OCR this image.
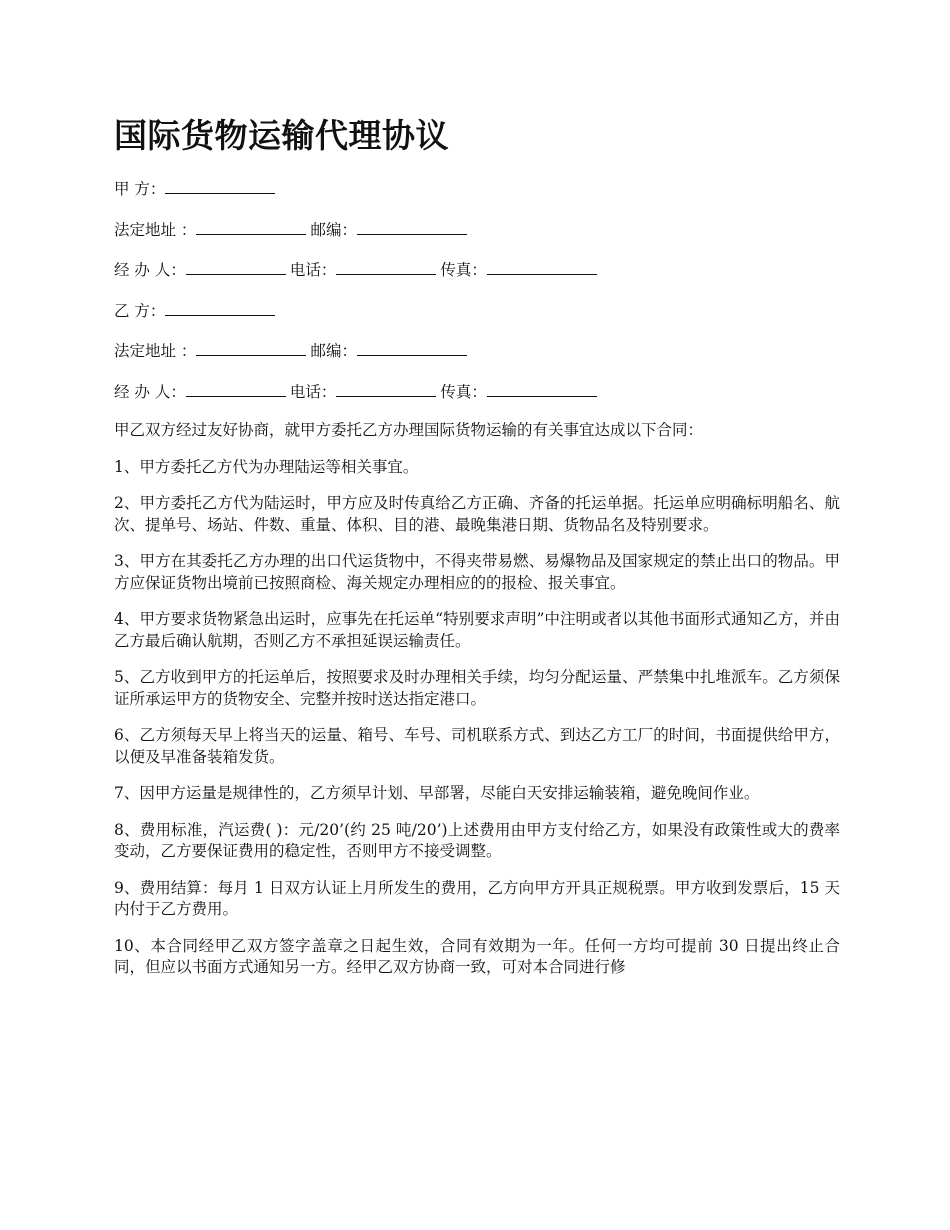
国际货物运输代理协议
甲 方：
法定地址 ：	邮编：
经 办 人：	电话：	传真：
乙 方：
法定地址 ：	邮编：
经 办 人：	电话：	传真：

甲乙双方经过友好协商，就甲方委托乙方办理国际货物运输的有关事宜达成以下合同：

1、甲方委托乙方代为办理陆运等相关事宜。

2、甲方委托乙方代为陆运时，甲方应及时传真给乙方正确、齐备的托运单据。托运单应明确标明船名、航次、提单号、场站、件数、重量、体积、目的港、最晚集港日期、货物品名及特别要求。

3、甲方在其委托乙方办理的出口代运货物中，不得夹带易燃、易爆物品及国家规定的禁止出口的物品。甲方应保证货物出境前已按照商检、海关规定办理相应的的报检、报关事宜。

4、甲方要求货物紧急出运时，应事先在托运单“特别要求声明”中注明或者以其他书面形式通知乙方，并由乙方最后确认航期，否则乙方不承担延误运输责任。

5、乙方收到甲方的托运单后，按照要求及时办理相关手续，均匀分配运量、严禁集中扎堆派车。乙方须保证所承运甲方的货物安全、完整并按时送达指定港口。

6、乙方须每天早上将当天的运量、箱号、车号、司机联系方式、到达乙方工厂的时间，书面提供给甲方，以便及早准备装箱发货。

7、因甲方运量是规律性的，乙方须早计划、早部署，尽能白天安排运输装箱，避免晚间作业。

8、费用标准，汽运费( )：元/20’(约 25 吨/20’)上述费用由甲方支付给乙方，如果没有政策性或大的费率变动，乙方要保证费用的稳定性，否则甲方不接受调整。

9、费用结算：每月 1 日双方认证上月所发生的费用，乙方向甲方开具正规税票。甲方收到发票后，15 天内付于乙方费用。

10、本合同经甲乙双方签字盖章之日起生效，合同有效期为一年。任何一方均可提前 30 日提出终止合同，但应以书面方式通知另一方。经甲乙双方协商一致，可对本合同进行修
